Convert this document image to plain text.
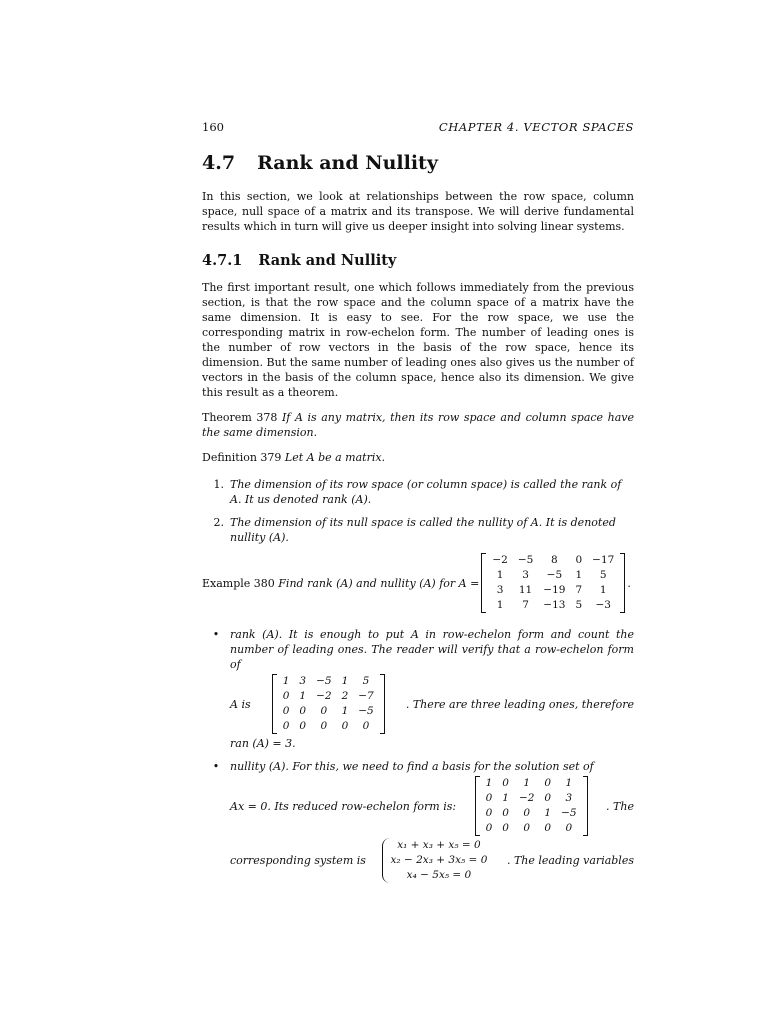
160	CHAPTER 4. VECTOR SPACES
4.7 Rank and Nullity

In this section, we look at relationships between the row space, column space, null space of a matrix and its transpose. We will derive fundamental results which in turn will give us deeper insight into solving linear systems.

4.7.1 Rank and Nullity

The first important result, one which follows immediately from the previous section, is that the row space and the column space of a matrix have the same dimension. It is easy to see. For the row space, we use the corresponding matrix in row-echelon form. The number of leading ones is the number of row vectors in the basis of the row space, hence its dimension. But the same number of leading ones also gives us the number of vectors in the basis of the column space, hence also its dimension. We give this result as a theorem.

Theorem 378 If A is any matrix, then its row space and column space have the same dimension.

Definition 379 Let A be a matrix.

1. The dimension of its row space (or column space) is called the rank of A. It us denoted rank (A).
2. The dimension of its null space is called the nullity of A. It is denoted nullity (A).
Example 380
Find rank (A) and nullity (A) for A =
−2	−5	8	0	−17
1	3	−5	1	5
3	11	−19	7	1
1	7	−13	5	−3
.
• rank (A). It is enough to put A in row-echelon form and count the number of leading ones. The reader will verify that a row-echelon form of
A is
1	3	−5	1	5
0	1	−2	2	−7
0	0	0	1	−5
0	0	0	0	0
. There are three leading ones, therefore
ran (A) = 3.
• nullity (A). For this, we need to find a basis for the solution set of
Ax = 0. Its reduced row-echelon form is:
1	0	1	0	1
0	1	−2	0	3
0	0	0	1	−5
0	0	0	0	0
. The
corresponding system is
x₁ + x₃ + x₅ = 0
x₂ − 2x₃ + 3x₅ = 0
x₄ − 5x₅ = 0
. The leading variables
